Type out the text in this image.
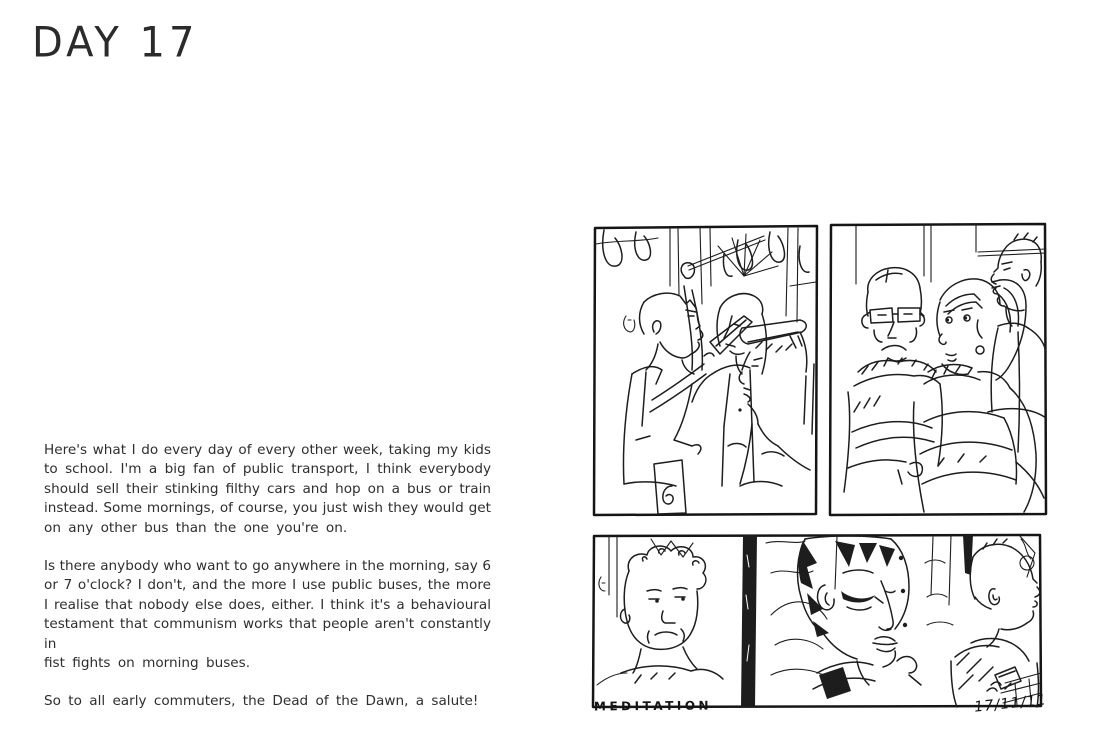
DAY 17
Here's what I do every day of every other week, taking my kids
to school. I'm a big fan of public transport, I think everybody
should sell their stinking filthy cars and hop on a bus or train
instead. Some mornings, of course, you just wish they would get
on any other bus than the one you're on.
Is there anybody who want to go anywhere in the morning, say 6
or 7 o'clock? I don't, and the more I use public buses, the more
I realise that nobody else does, either. I think it's a behavioural
testament that communism works that people aren't constantly in
fist fights on morning buses.
So to all early commuters, the Dead of the Dawn, a salute!	MEDITATION	17/11/11
